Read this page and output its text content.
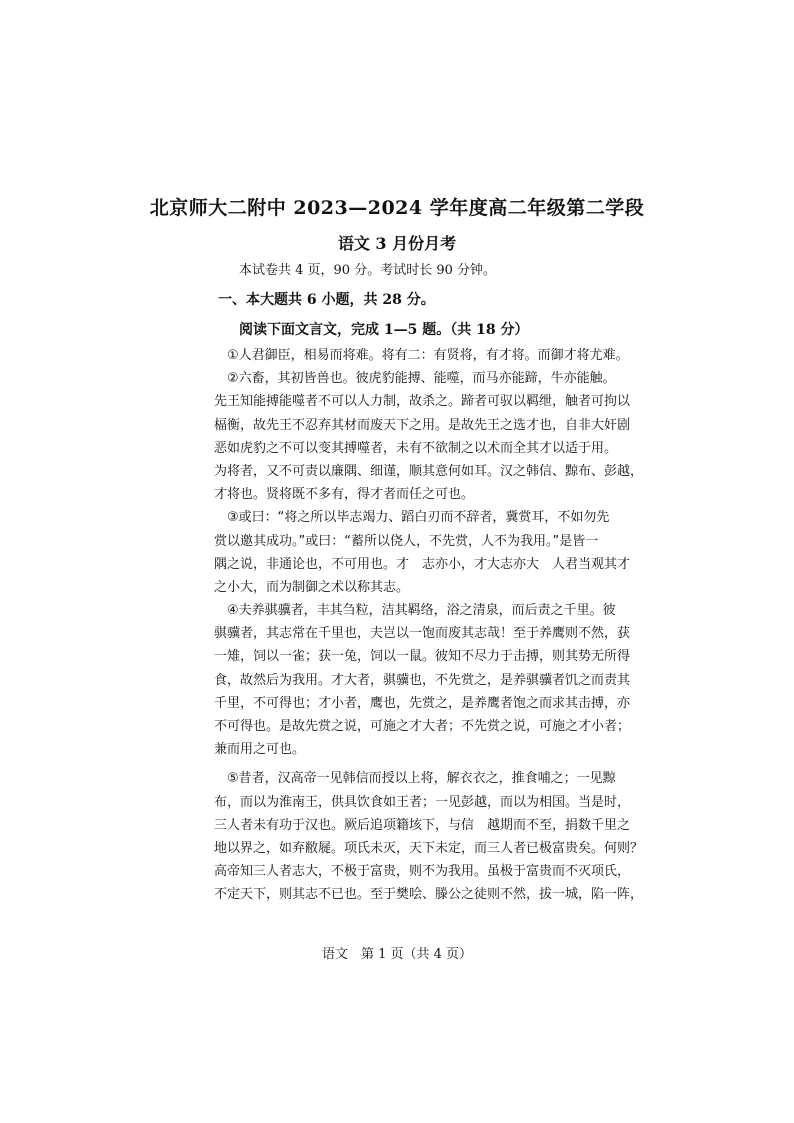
北京师大二附中 2023—2024 学年度高二年级第二学段
语文 3 月份月考
本试卷共 4 页，90 分。考试时长 90 分钟。
一、本大题共 6 小题，共 28 分。
阅读下面文言文，完成 1—5 题。（共 18 分）
　①人君御臣，相易而将难。将有二：有贤将，有才将。而御才将尤难。
　②六畜，其初皆兽也。彼虎豹能搏、能噬，而马亦能蹄，牛亦能触。
先王知能搏能噬者不可以人力制，故杀之。蹄者可驭以羁绁，触者可拘以
楅衡，故先王不忍弃其材而废天下之用。是故先王之选才也，自非大奸剧
恶如虎豹之不可以变其搏噬者，未有不欲制之以术而全其才以适于用。
为将者，又不可责以廉隅、细谨，顺其意何如耳。汉之韩信、黥布、彭越，
才将也。贤将既不多有，得才者而任之可也。
　③或曰：“将之所以毕志竭力、蹈白刃而不辞者，冀赏耳，不如勿先
赏以邀其成功。”或曰：“蓄所以侥人，不先赏，人不为我用。”是皆一
隅之说，非通论也，不可用也。才　志亦小，才大志亦大　人君当观其才
之小大，而为制御之术以称其志。
　④夫养骐骥者，丰其刍粒，洁其羁络，浴之清泉，而后责之千里。彼
骐骥者，其志常在千里也，夫岂以一饱而废其志哉！至于养鹰则不然，获
一雉，饲以一雀；获一兔，饲以一鼠。彼知不尽力于击搏，则其势无所得
食，故然后为我用。才大者，骐骥也，不先赏之，是养骐骥者饥之而责其
千里，不可得也；才小者，鹰也，先赏之，是养鹰者饱之而求其击搏，亦
不可得也。是故先赏之说，可施之才大者；不先赏之说，可施之才小者；
兼而用之可也。
　⑤昔者，汉高帝一见韩信而授以上将，解衣衣之，推食哺之；一见黥
布，而以为淮南王，供具饮食如王者；一见彭越，而以为相国。当是时，
三人者未有功于汉也。厥后追项籍垓下，与信　越期而不至，捐数千里之
地以界之，如弃敝屣。项氏未灭，天下未定，而三人者已极富贵矣。何则？
高帝知三人者志大，不极于富贵，则不为我用。虽极于富贵而不灭项氏，
不定天下，则其志不已也。至于樊哙、滕公之徒则不然，拔一城，陷一阵，
语文　第 1 页（共 4 页）
